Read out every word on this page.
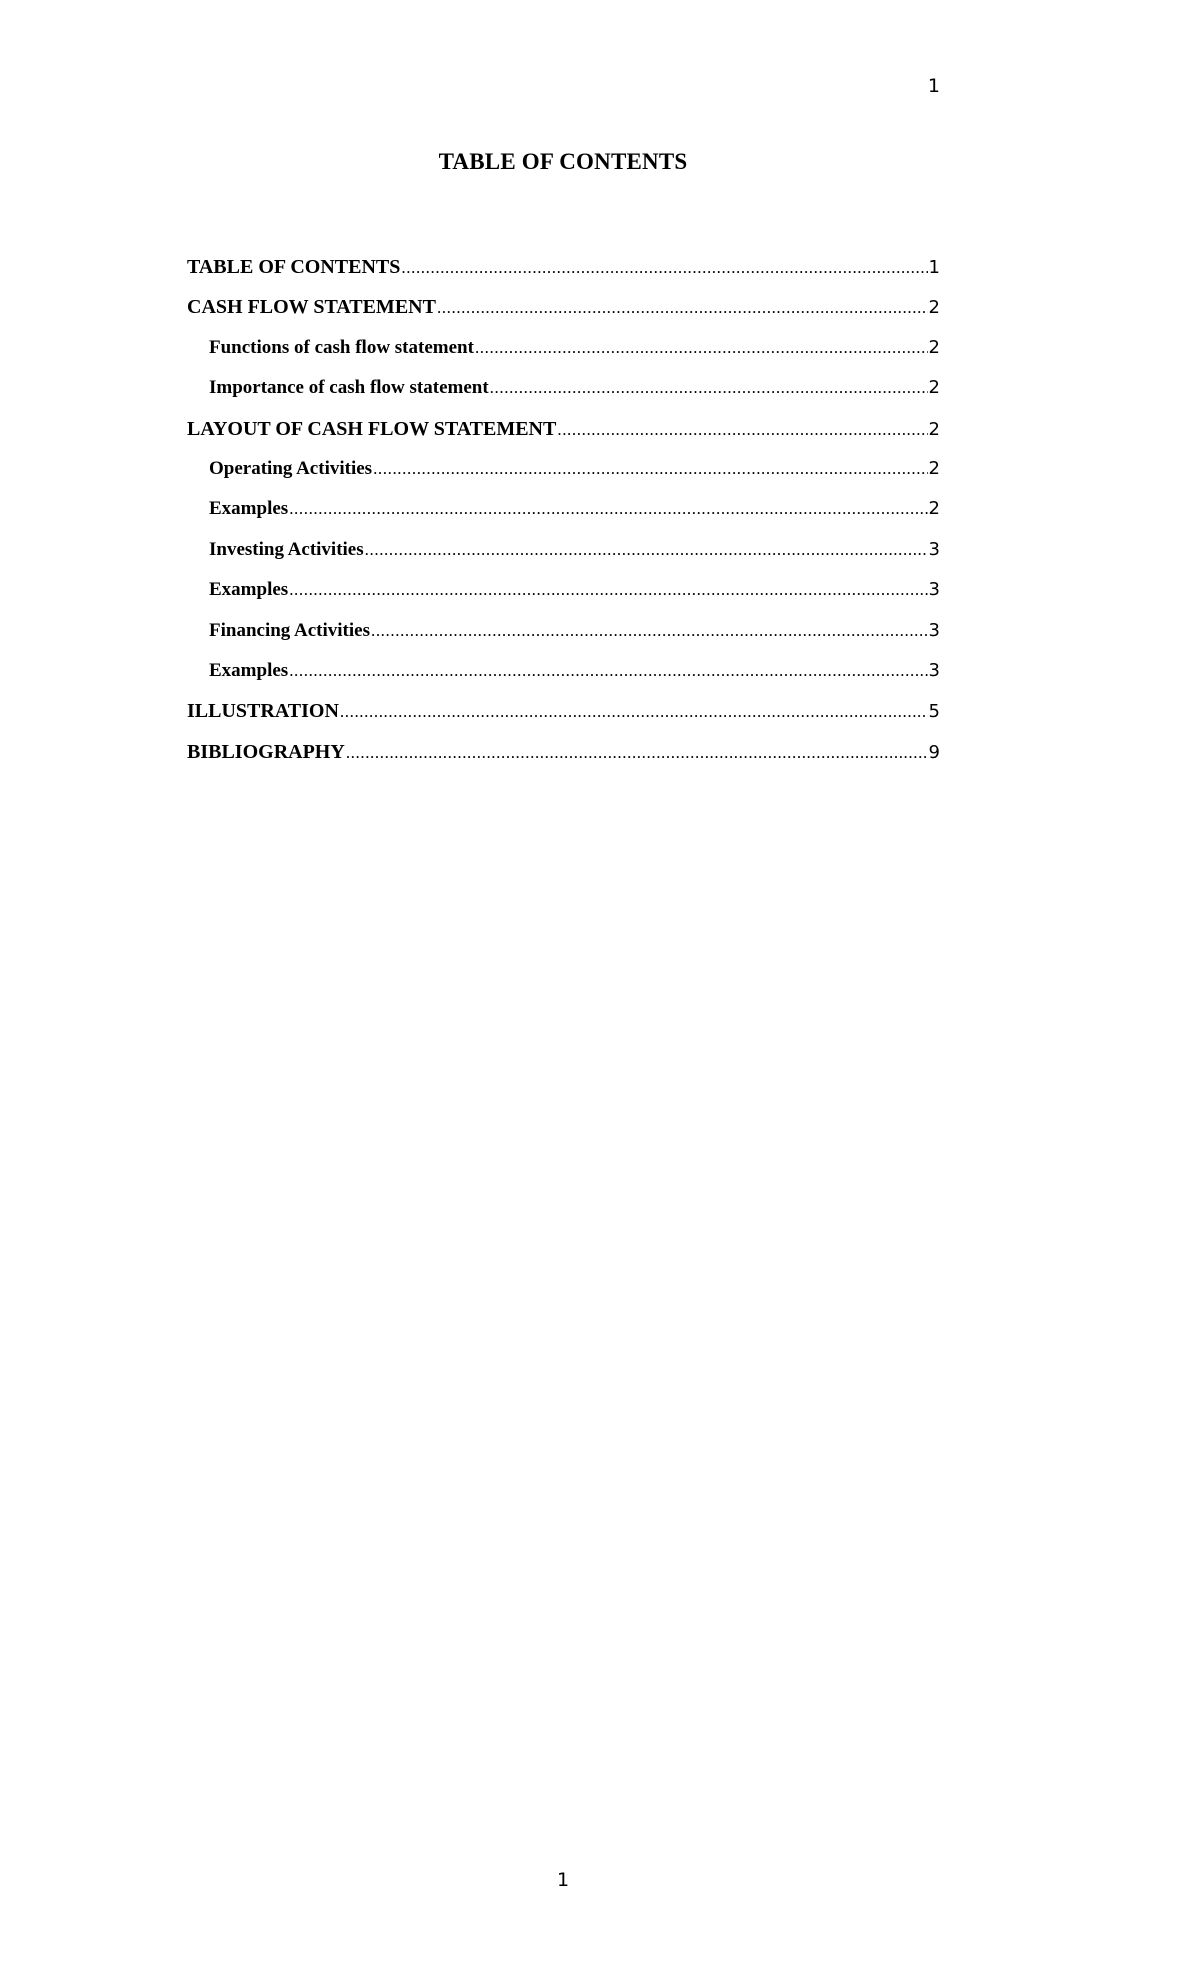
1
TABLE OF CONTENTS
TABLE OF CONTENTS .....	1
CASH FLOW STATEMENT .....	2
Functions of cash flow statement .....	2
Importance of cash flow statement .....	2
LAYOUT OF CASH FLOW STATEMENT .....	2
Operating Activities .....	2
Examples .....	2
Investing Activities .....	3
Examples .....	3
Financing Activities .....	3
Examples .....	3
ILLUSTRATION .....	5
BIBLIOGRAPHY .....	9
1
